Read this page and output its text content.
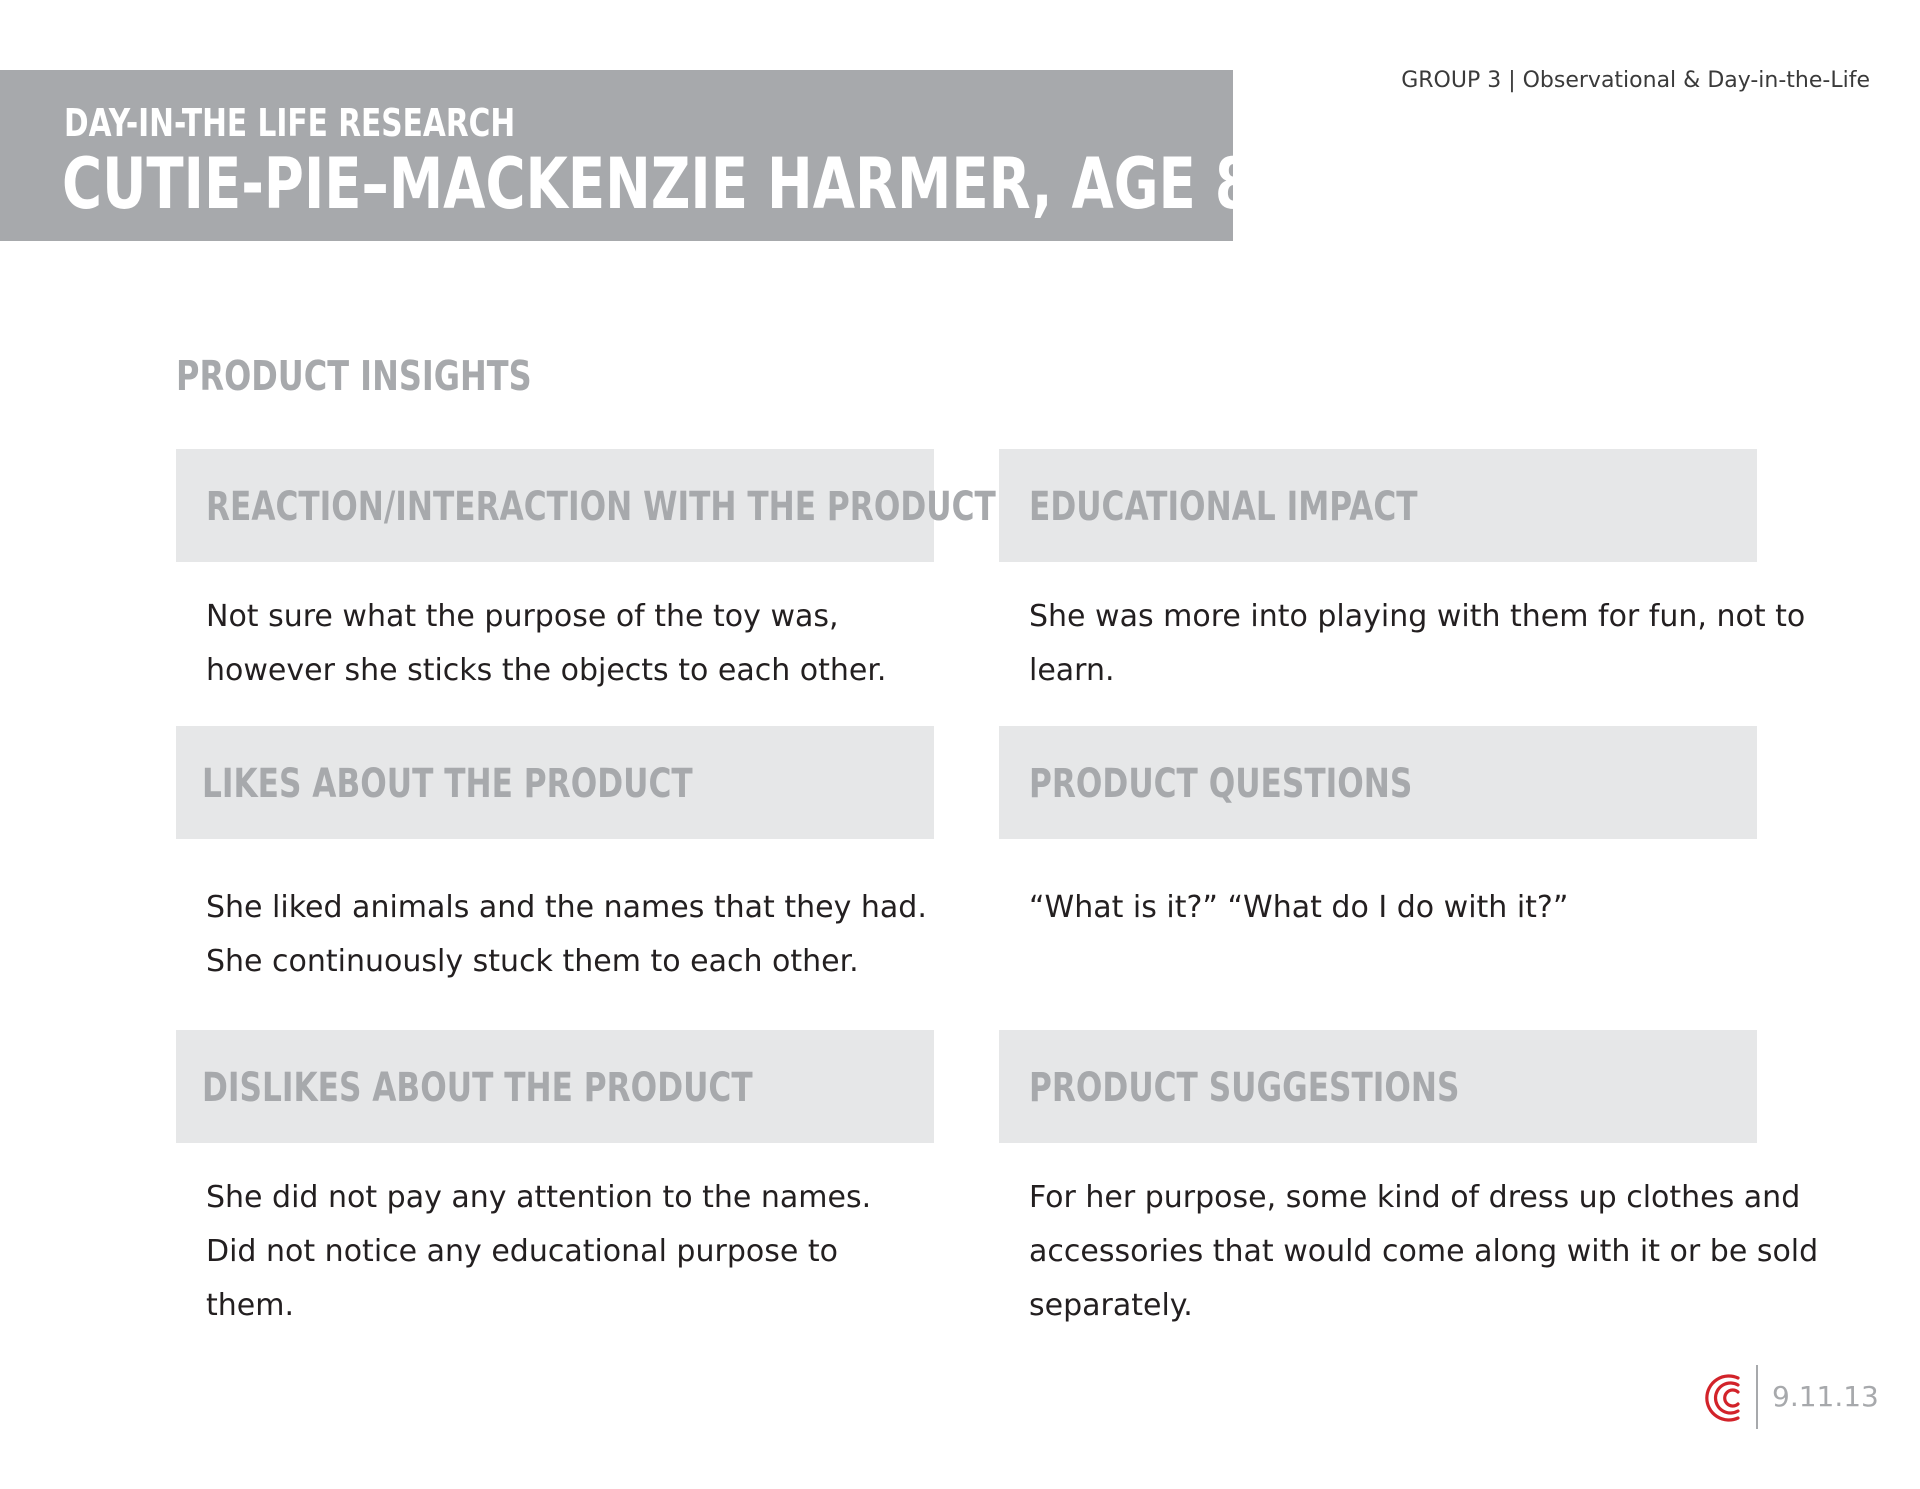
DAY-IN-THE LIFE RESEARCH
CUTIE-PIE–MACKENZIE HARMER, AGE 8
GROUP 3 | Observational & Day-in-the-Life
PRODUCT INSIGHTS
REACTION/INTERACTION WITH THE PRODUCT
Not sure what the purpose of the toy was,
however she sticks the objects to each other.
EDUCATIONAL IMPACT
She was more into playing with them for fun, not to
learn.
LIKES ABOUT THE PRODUCT
She liked animals and the names that they had.
She continuously stuck them to each other.
PRODUCT QUESTIONS
“What is it?” “What do I do with it?”
DISLIKES ABOUT THE PRODUCT
She did not pay any attention to the names.
Did not notice any educational purpose to
them.
PRODUCT SUGGESTIONS
For her purpose, some kind of dress up clothes and
accessories that would come along with it or be sold
separately.
9.11.13
